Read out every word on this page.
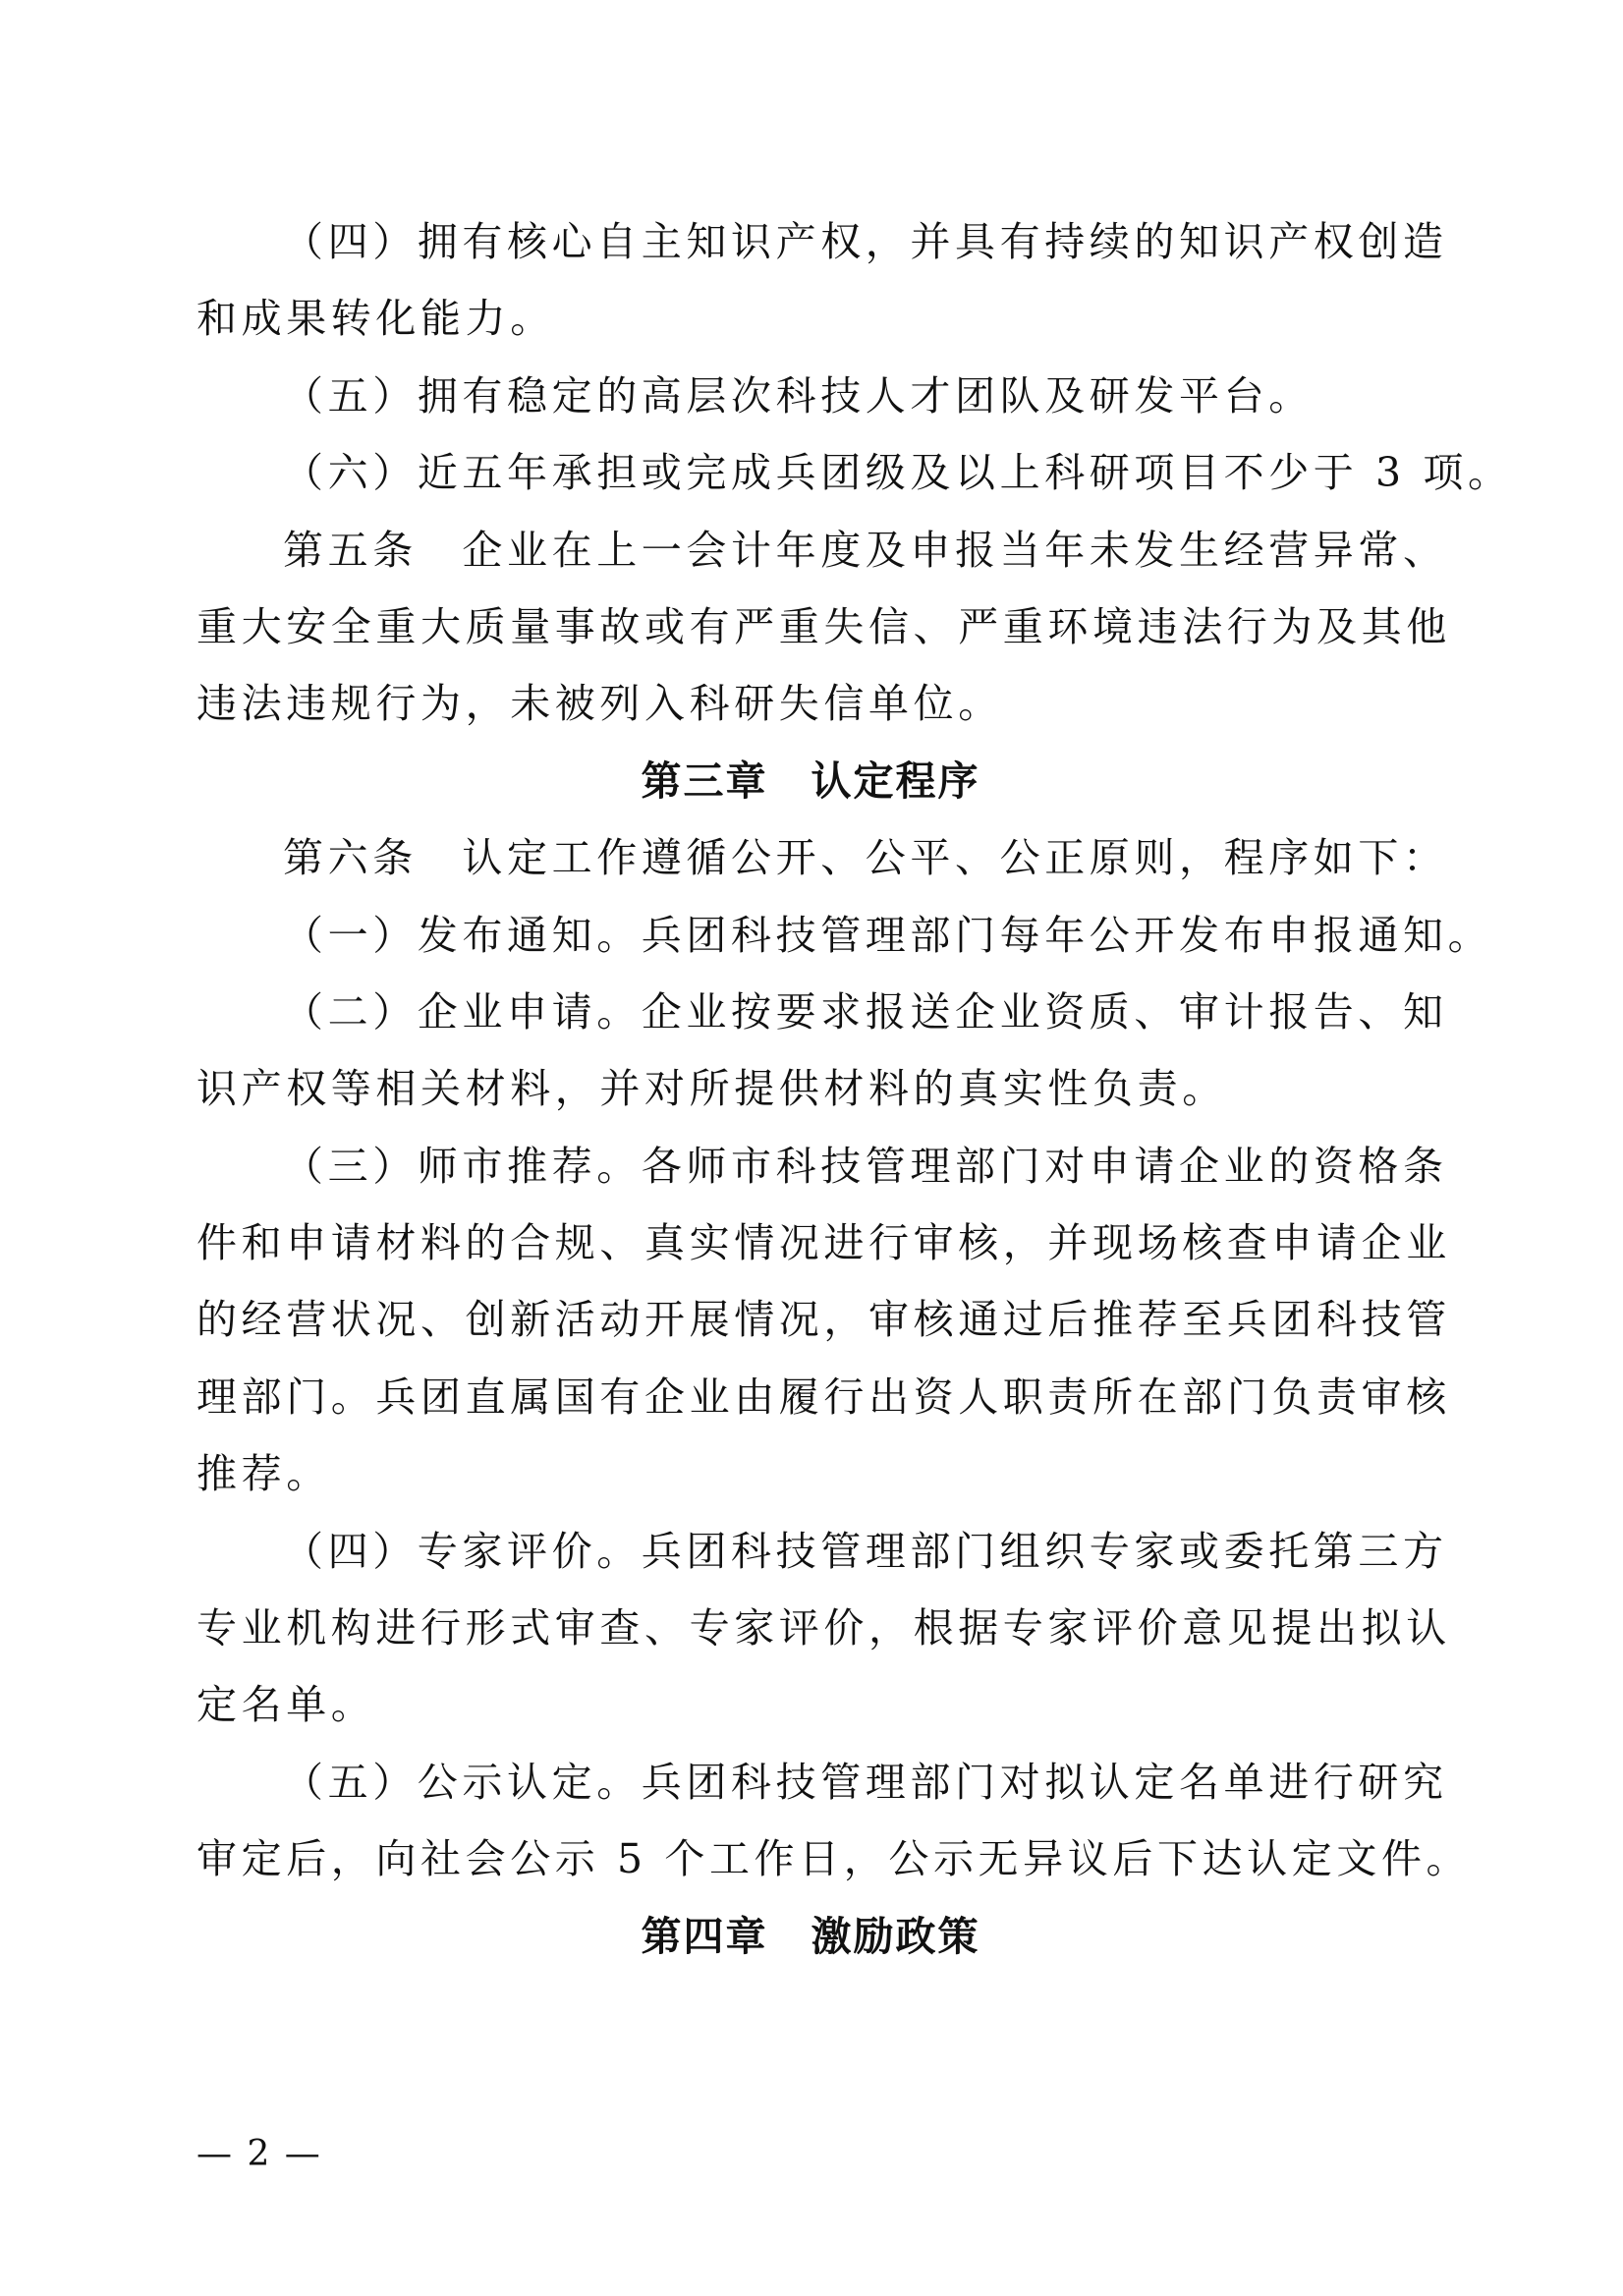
（四）拥有核心自主知识产权，并具有持续的知识产权创造
和成果转化能力。
（五）拥有稳定的高层次科技人才团队及研发平台。
（六）近五年承担或完成兵团级及以上科研项目不少于 3 项。
第五条　企业在上一会计年度及申报当年未发生经营异常、
重大安全重大质量事故或有严重失信、严重环境违法行为及其他
违法违规行为，未被列入科研失信单位。
第三章 认定程序
第六条　认定工作遵循公开、公平、公正原则，程序如下：
（一）发布通知。兵团科技管理部门每年公开发布申报通知。
（二）企业申请。企业按要求报送企业资质、审计报告、知
识产权等相关材料，并对所提供材料的真实性负责。
（三）师市推荐。各师市科技管理部门对申请企业的资格条
件和申请材料的合规、真实情况进行审核，并现场核查申请企业
的经营状况、创新活动开展情况，审核通过后推荐至兵团科技管
理部门。兵团直属国有企业由履行出资人职责所在部门负责审核
推荐。
（四）专家评价。兵团科技管理部门组织专家或委托第三方
专业机构进行形式审查、专家评价，根据专家评价意见提出拟认
定名单。
（五）公示认定。兵团科技管理部门对拟认定名单进行研究
审定后，向社会公示 5 个工作日，公示无异议后下达认定文件。
第四章 激励政策
— 2 —
